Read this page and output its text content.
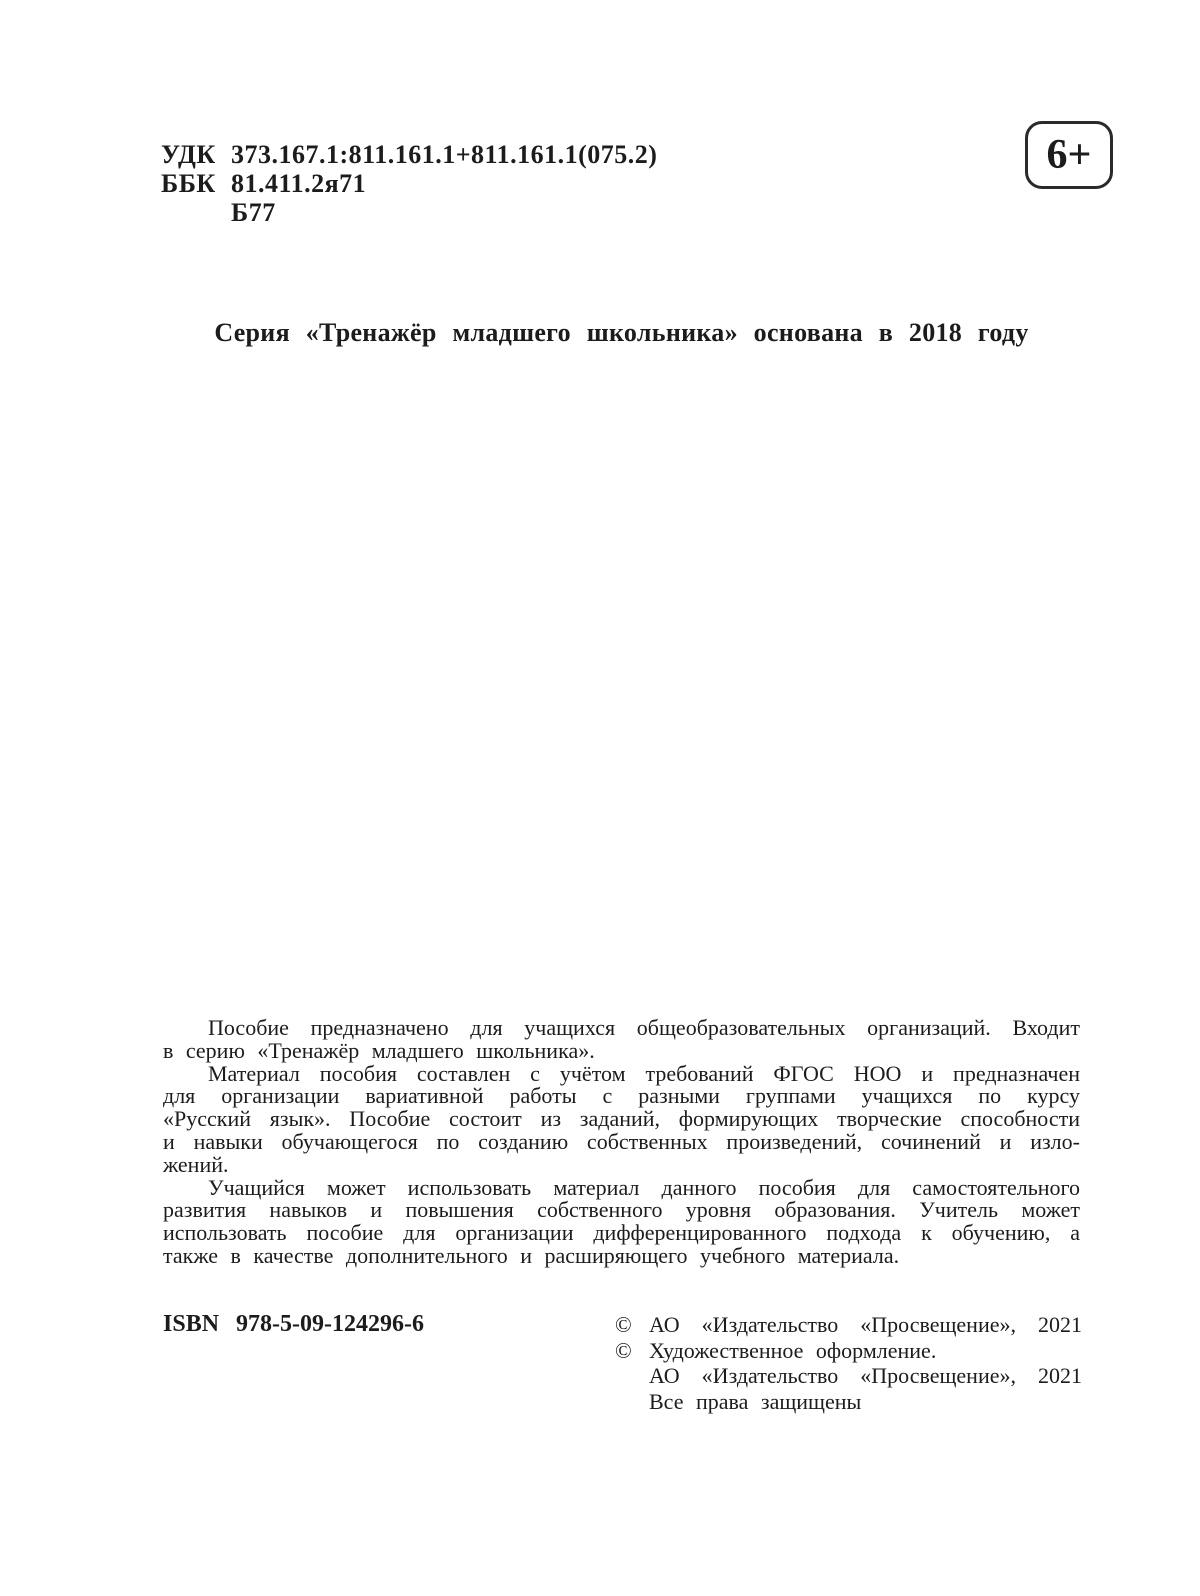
УДК 373.167.1:811.161.1+811.161.1(075.2)
ББК 81.411.2я71
Б77
6+
Серия «Тренажёр младшего школьника» основана в 2018 году
Пособие предназначено для учащихся общеобразовательных организаций. Входит
в серию «Тренажёр младшего школьника».
Материал пособия составлен с учётом требований ФГОС НОО и предназначен
для организации вариативной работы с разными группами учащихся по курсу
«Русский язык». Пособие состоит из заданий, формирующих творческие способности
и навыки обучающегося по созданию собственных произведений, сочинений и изло-
жений.
Учащийся может использовать материал данного пособия для самостоятельного
развития навыков и повышения собственного уровня образования. Учитель может
использовать пособие для организации дифференцированного подхода к обучению, а
также в качестве дополнительного и расширяющего учебного материала.
ISBN 978-5-09-124296-6	© АО «Издательство «Просвещение», 2021
© Художественное оформление.
АО «Издательство «Просвещение», 2021
Все права защищены
